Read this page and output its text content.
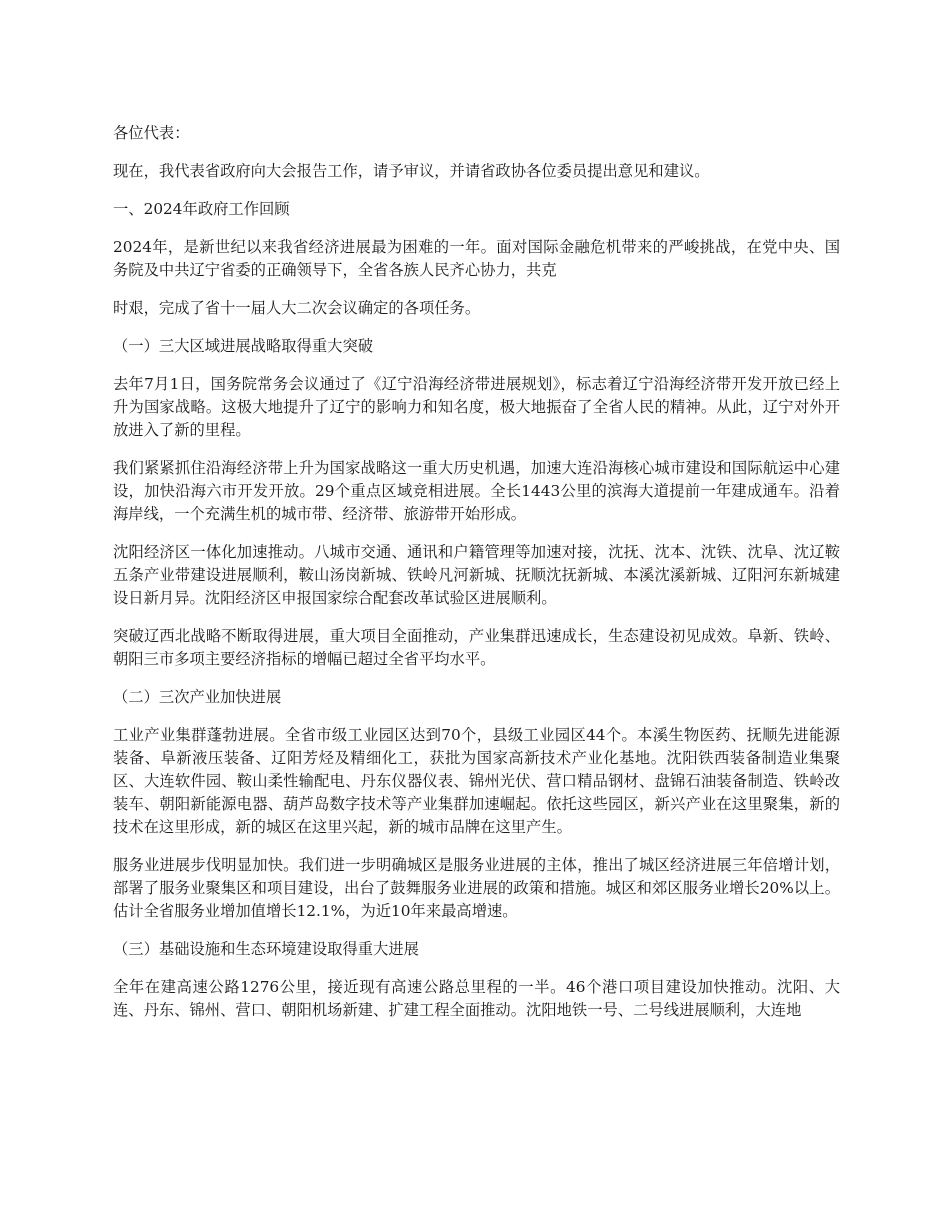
各位代表：

现在，我代表省政府向大会报告工作，请予审议，并请省政协各位委员提出意见和建议。

一、2024年政府工作回顾

2024年，是新世纪以来我省经济进展最为困难的一年。面对国际金融危机带来的严峻挑战，在党中央、国务院及中共辽宁省委的正确领导下，全省各族人民齐心协力，共克

时艰，完成了省十一届人大二次会议确定的各项任务。

（一）三大区域进展战略取得重大突破

去年7月1日，国务院常务会议通过了《辽宁沿海经济带进展规划》，标志着辽宁沿海经济带开发开放已经上升为国家战略。这极大地提升了辽宁的影响力和知名度，极大地振奋了全省人民的精神。从此，辽宁对外开放进入了新的里程。

我们紧紧抓住沿海经济带上升为国家战略这一重大历史机遇，加速大连沿海核心城市建设和国际航运中心建设，加快沿海六市开发开放。29个重点区域竞相进展。全长1443公里的滨海大道提前一年建成通车。沿着海岸线，一个充满生机的城市带、经济带、旅游带开始形成。

沈阳经济区一体化加速推动。八城市交通、通讯和户籍管理等加速对接，沈抚、沈本、沈铁、沈阜、沈辽鞍五条产业带建设进展顺利，鞍山汤岗新城、铁岭凡河新城、抚顺沈抚新城、本溪沈溪新城、辽阳河东新城建设日新月异。沈阳经济区申报国家综合配套改革试验区进展顺利。

突破辽西北战略不断取得进展，重大项目全面推动，产业集群迅速成长，生态建设初见成效。阜新、铁岭、朝阳三市多项主要经济指标的增幅已超过全省平均水平。

（二）三次产业加快进展

工业产业集群蓬勃进展。全省市级工业园区达到70个，县级工业园区44个。本溪生物医药、抚顺先进能源装备、阜新液压装备、辽阳芳烃及精细化工，获批为国家高新技术产业化基地。沈阳铁西装备制造业集聚区、大连软件园、鞍山柔性输配电、丹东仪器仪表、锦州光伏、营口精品钢材、盘锦石油装备制造、铁岭改装车、朝阳新能源电器、葫芦岛数字技术等产业集群加速崛起。依托这些园区，新兴产业在这里聚集，新的技术在这里形成，新的城区在这里兴起，新的城市品牌在这里产生。

服务业进展步伐明显加快。我们进一步明确城区是服务业进展的主体，推出了城区经济进展三年倍增计划，部署了服务业聚集区和项目建设，出台了鼓舞服务业进展的政策和措施。城区和郊区服务业增长20%以上。估计全省服务业增加值增长12.1%，为近10年来最高增速。

（三）基础设施和生态环境建设取得重大进展

全年在建高速公路1276公里，接近现有高速公路总里程的一半。46个港口项目建设加快推动。沈阳、大连、丹东、锦州、营口、朝阳机场新建、扩建工程全面推动。沈阳地铁一号、二号线进展顺利，大连地
